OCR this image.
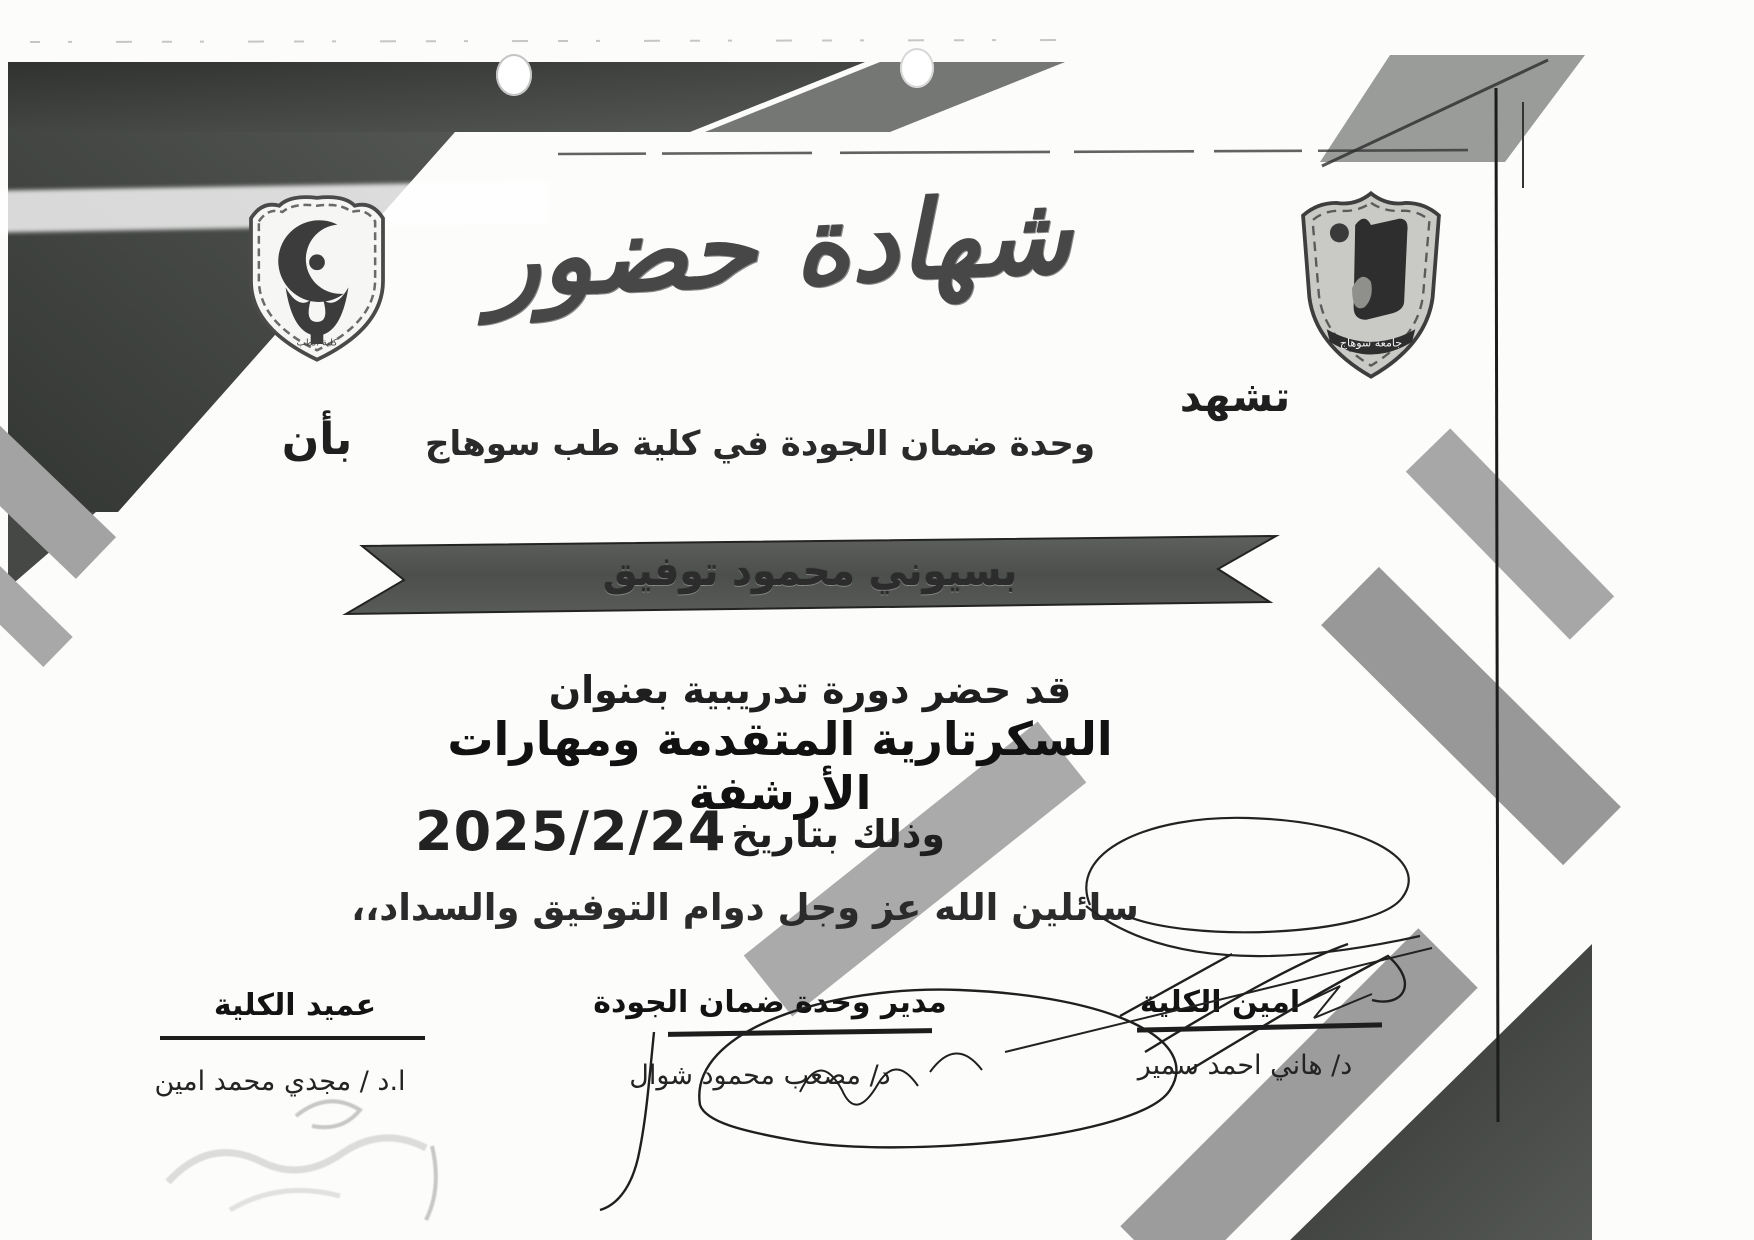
كلية الطب	جامعة سوهاج
شهادة حضور
تشهد
وحدة ضمان الجودة في كلية طب سوهاج
بأن
بسيوني محمود توفيق
قد حضر دورة تدريبية بعنوان
السكرتارية المتقدمة ومهارات الأرشفة
وذلك بتاريخ
2025/2/24
سائلين الله عز وجل دوام التوفيق والسداد،،
عميد الكلية
ا.د / مجدي محمد امين
مدير وحدة ضمان الجودة
د/ مصعب محمود شوال
امين الكلية
د/ هاني احمد سمير
